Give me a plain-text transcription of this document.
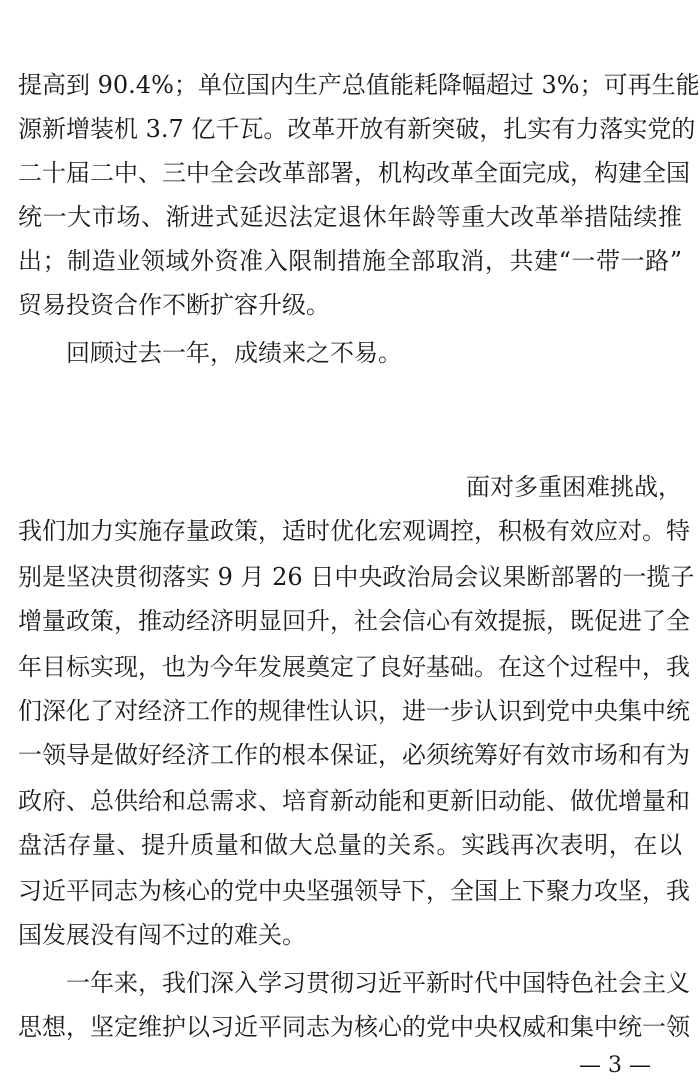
提高到 90.4%；单位国内生产总值能耗降幅超过 3%；可再生能
源新增装机 3.7 亿千瓦。改革开放有新突破，扎实有力落实党的
二十届二中、三中全会改革部署，机构改革全面完成，构建全国
统一大市场、渐进式延迟法定退休年龄等重大改革举措陆续推
出；制造业领域外资准入限制措施全部取消，共建“一带一路”
贸易投资合作不断扩容升级。
回顾过去一年，成绩来之不易。
面对多重困难挑战，
我们加力实施存量政策，适时优化宏观调控，积极有效应对。特
别是坚决贯彻落实 9 月 26 日中央政治局会议果断部署的一揽子
增量政策，推动经济明显回升，社会信心有效提振，既促进了全
年目标实现，也为今年发展奠定了良好基础。在这个过程中，我
们深化了对经济工作的规律性认识，进一步认识到党中央集中统
一领导是做好经济工作的根本保证，必须统筹好有效市场和有为
政府、总供给和总需求、培育新动能和更新旧动能、做优增量和
盘活存量、提升质量和做大总量的关系。实践再次表明，在以
习近平同志为核心的党中央坚强领导下，全国上下聚力攻坚，我
国发展没有闯不过的难关。
一年来，我们深入学习贯彻习近平新时代中国特色社会主义
思想，坚定维护以习近平同志为核心的党中央权威和集中统一领
— 3 —
